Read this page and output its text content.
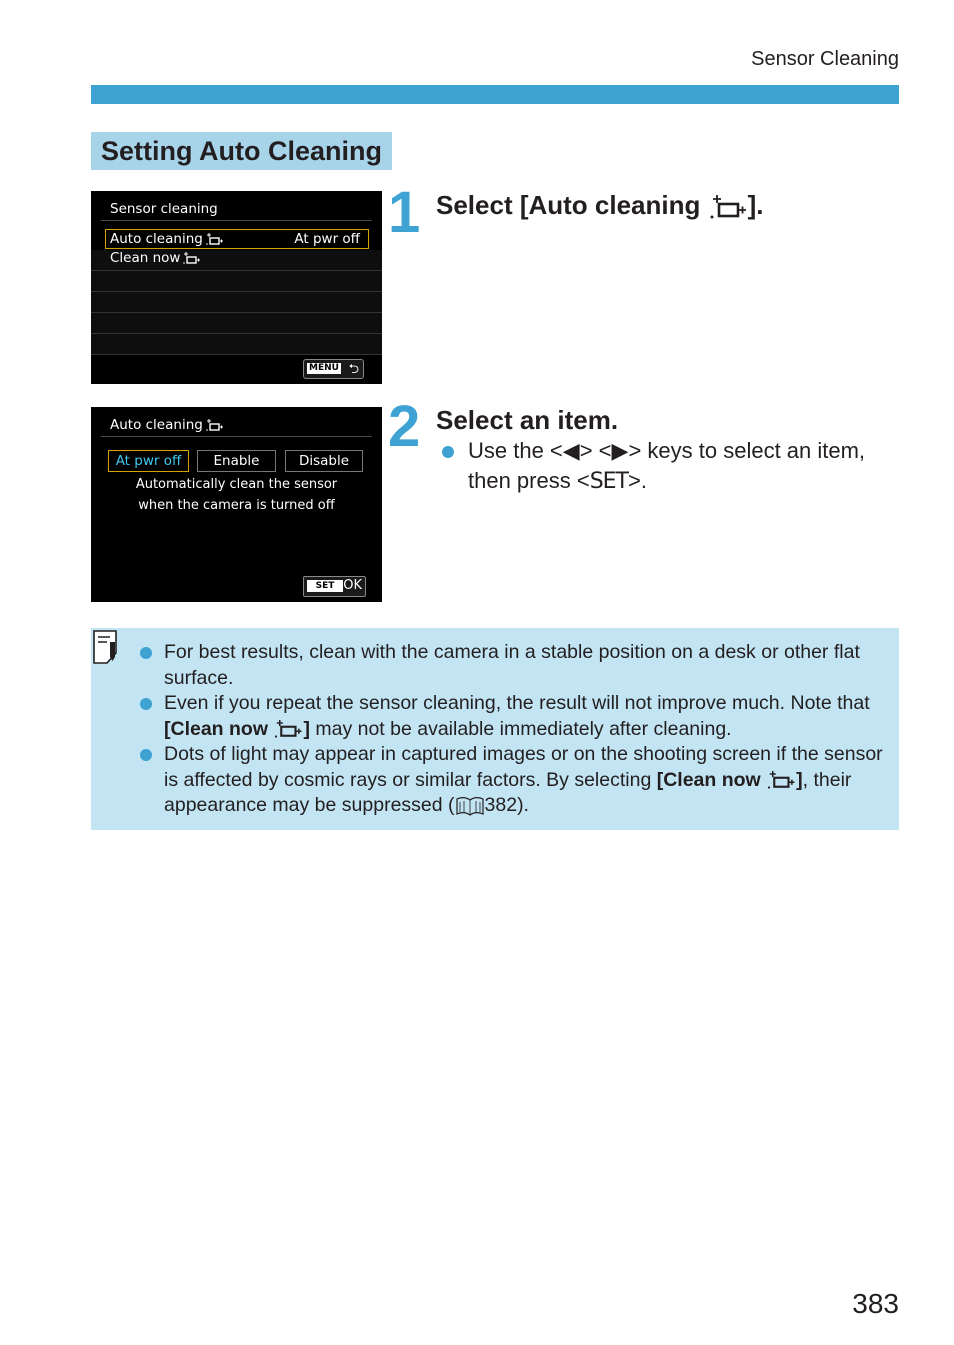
Sensor Cleaning
Setting Auto Cleaning
Sensor cleaning
Auto cleaning	At pwr off
Clean now
MENU ⮌
Auto cleaning
At pwr off	Enable	Disable
Automatically clean the sensor
when the camera is turned off
SET OK
1 Select [Auto cleaning ].
2 Select an item.
Use the <◀> <▶> keys to select an item, then press <SET>.
For best results, clean with the camera in a stable position on a desk or other flat surface.
Even if you repeat the sensor cleaning, the result will not improve much. Note that [Clean now ] may not be available immediately after cleaning.
Dots of light may appear in captured images or on the shooting screen if the sensor is affected by cosmic rays or similar factors. By selecting [Clean now ], their appearance may be suppressed ( 382).
383
